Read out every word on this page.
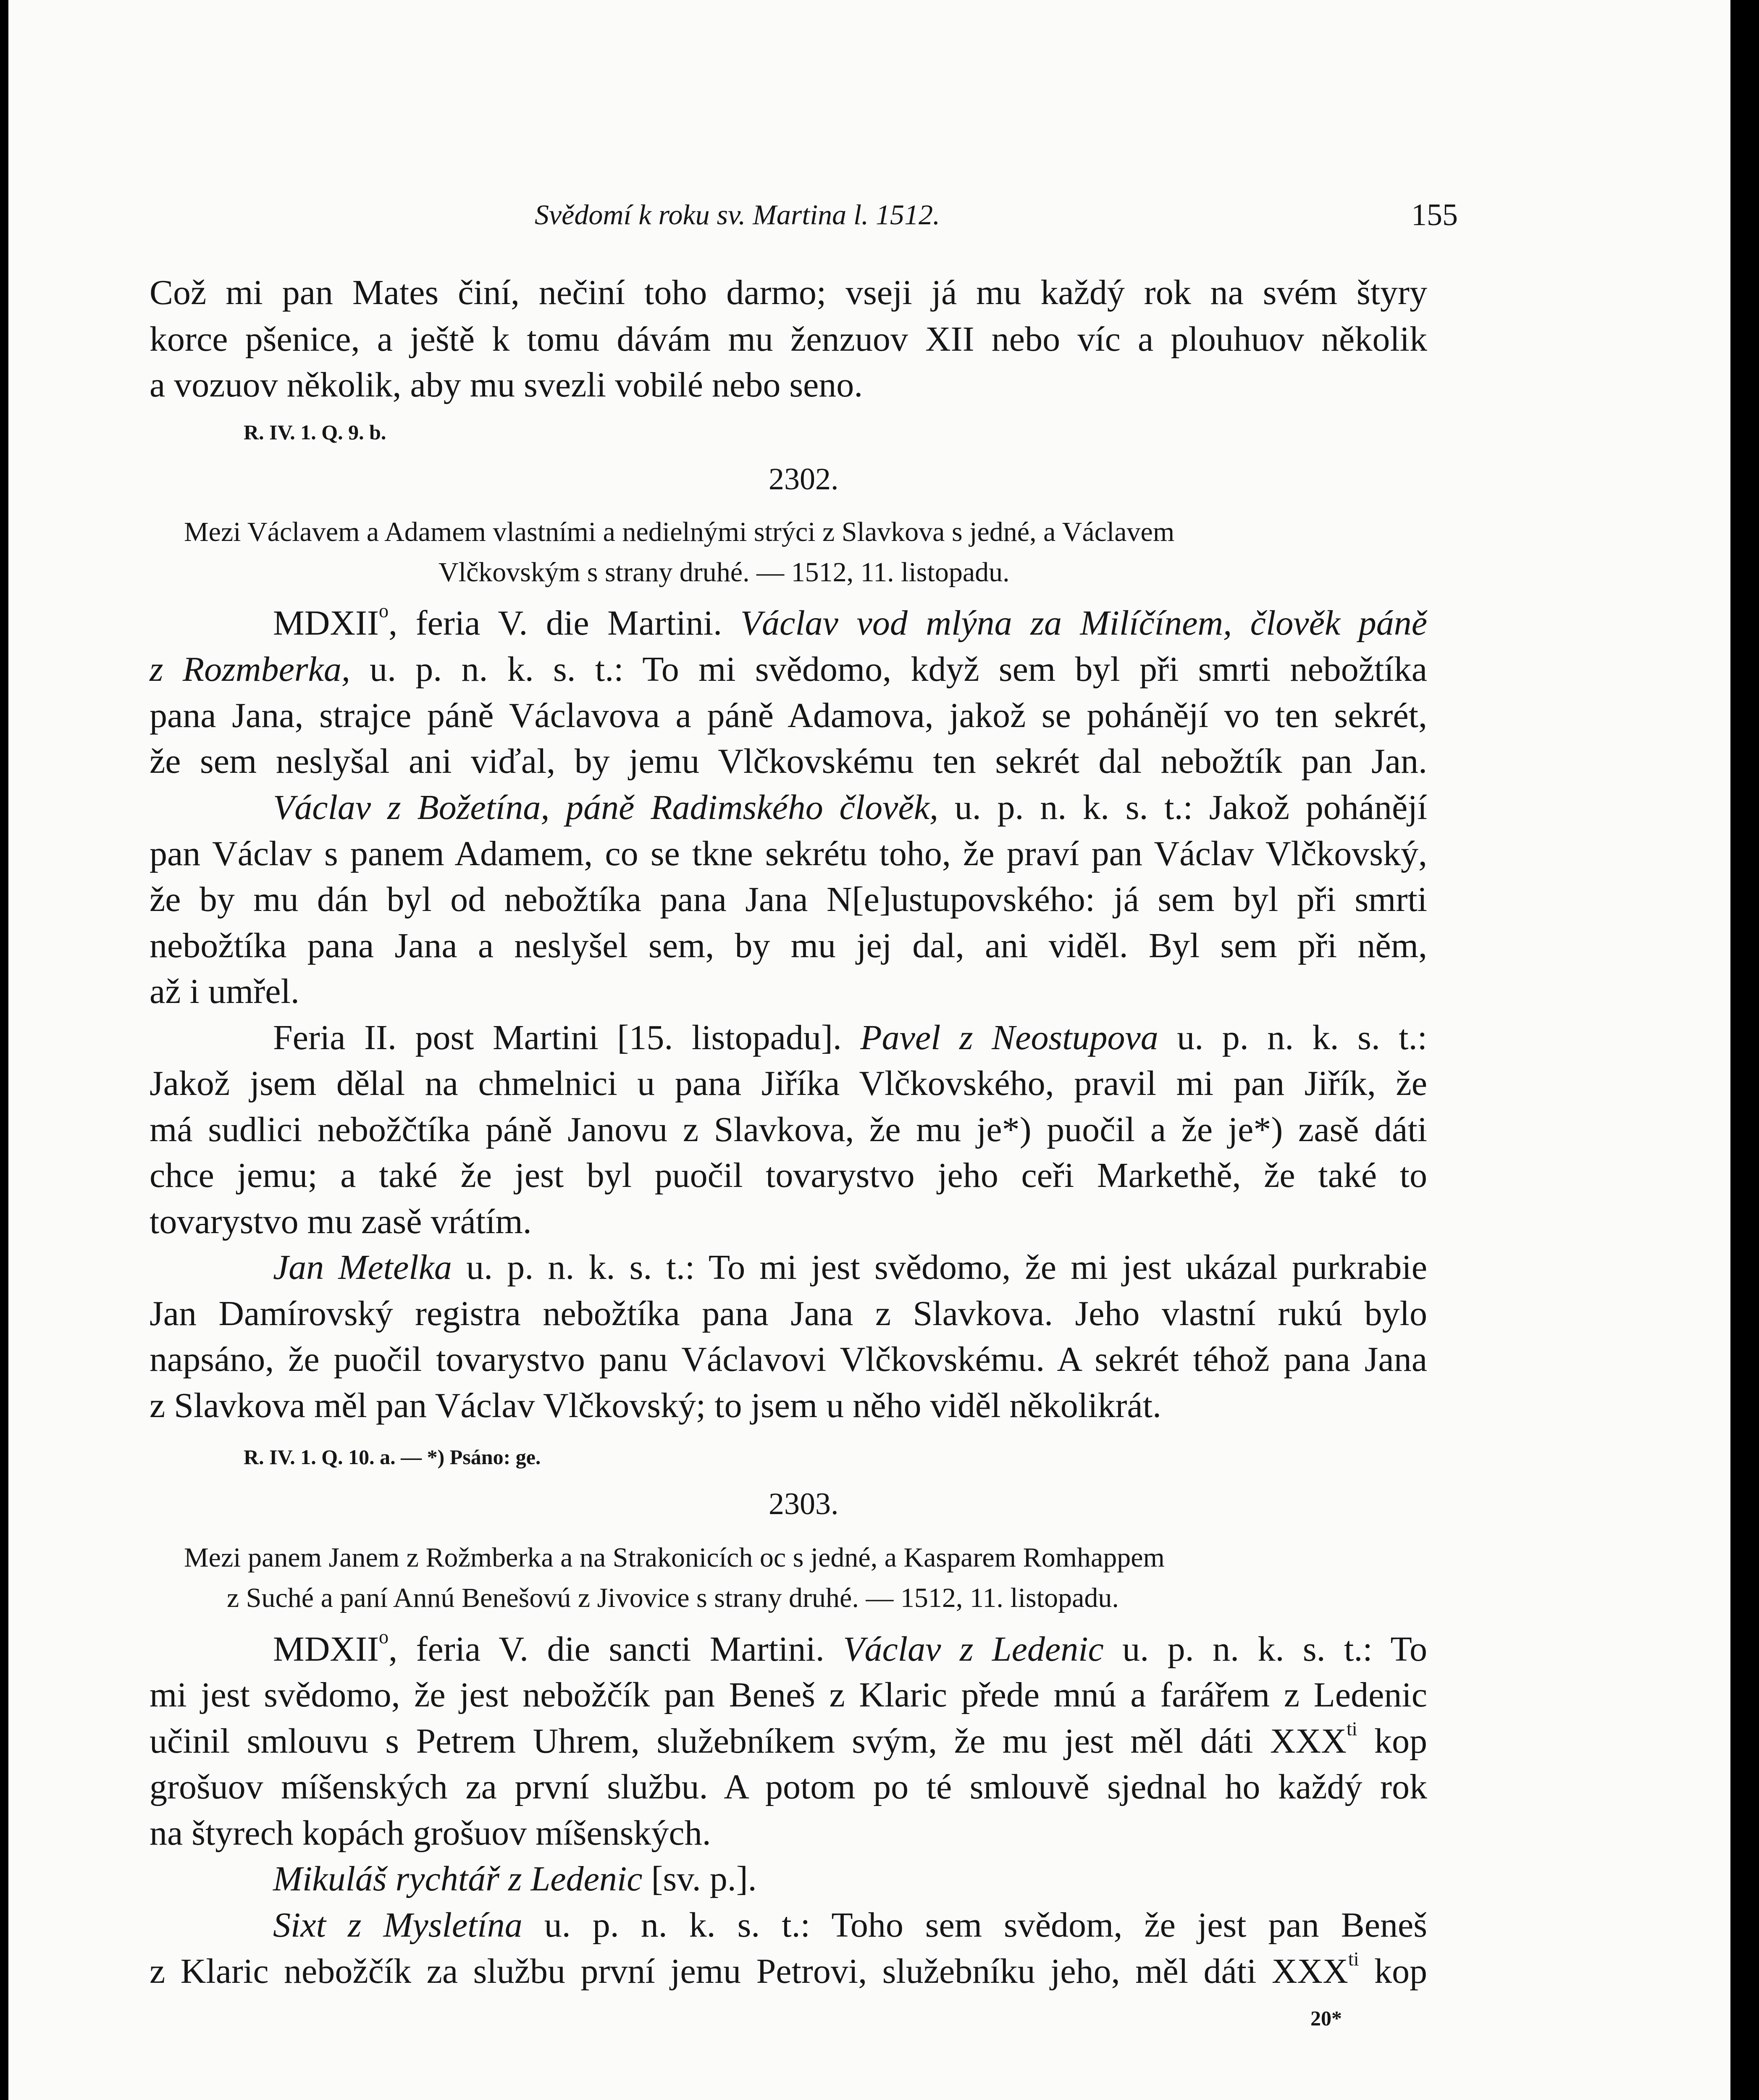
Svědomí k roku sv. Martina l. 1512.	155
Což mi pan Mates činí, nečiní toho darmo; vseji já mu každý rok na svém štyry
korce pšenice, a ještě k tomu dávám mu ženzuov XII nebo víc a plouhuov několik
a vozuov několik, aby mu svezli vobilé nebo seno.
R. IV. 1. Q. 9. b.
2302.
Mezi Václavem a Adamem vlastními a nedielnými strýci z Slavkova s jedné, a Václavem
Vlčkovským s strany druhé. — 1512, 11. listopadu.
MDXII$^o$, feria V. die Martini. Václav vod mlýna za Milíčínem, člověk páně
z Rozmberka, u. p. n. k. s. t.: To mi svědomo, když sem byl při smrti nebožtíka
pana Jana, strajce páně Václavova a páně Adamova, jakož se pohánějí vo ten sekrét,
že sem neslyšal ani viďal, by jemu Vlčkovskému ten sekrét dal nebožtík pan Jan.
Václav z Božetína, páně Radimského člověk, u. p. n. k. s. t.: Jakož pohánějí
pan Václav s panem Adamem, co se tkne sekrétu toho, že praví pan Václav Vlčkovský,
že by mu dán byl od nebožtíka pana Jana N[e]ustupovského: já sem byl při smrti
nebožtíka pana Jana a neslyšel sem, by mu jej dal, ani viděl. Byl sem při něm,
až i umřel.
Feria II. post Martini [15. listopadu]. Pavel z Neostupova u. p. n. k. s. t.:
Jakož jsem dělal na chmelnici u pana Jiříka Vlčkovského, pravil mi pan Jiřík, že
má sudlici nebožčtíka páně Janovu z Slavkova, že mu je*) puočil a že je*) zasě dáti
chce jemu; a také že jest byl puočil tovarystvo jeho ceři Markethě, že také to
tovarystvo mu zasě vrátím.
Jan Metelka u. p. n. k. s. t.: To mi jest svědomo, že mi jest ukázal purkrabie
Jan Damírovský registra nebožtíka pana Jana z Slavkova. Jeho vlastní rukú bylo
napsáno, že puočil tovarystvo panu Václavovi Vlčkovskému. A sekrét téhož pana Jana
z Slavkova měl pan Václav Vlčkovský; to jsem u něho viděl několikrát.
R. IV. 1. Q. 10. a. — *) Psáno: ge.
2303.
Mezi panem Janem z Rožmberka a na Strakonicích oc s jedné, a Kasparem Romhappem
z Suché a paní Annú Benešovú z Jivovice s strany druhé. — 1512, 11. listopadu.
MDXII$^o$, feria V. die sancti Martini. Václav z Ledenic u. p. n. k. s. t.: To
mi jest svědomo, že jest nebožčík pan Beneš z Klaric přede mnú a farářem z Ledenic
učinil smlouvu s Petrem Uhrem, služebníkem svým, že mu jest měl dáti $XXX^{ti}$ kop
grošuov míšenských za první službu. A potom po té smlouvě sjednal ho každý rok
na štyrech kopách grošuov míšenských.
Mikuláš rychtář z Ledenic [sv. p.].
Sixt z Mysletína u. p. n. k. s. t.: Toho sem svědom, že jest pan Beneš
z Klaric nebožčík za službu první jemu Petrovi, služebníku jeho, měl dáti $XXX^{ti}$ kop
20*
